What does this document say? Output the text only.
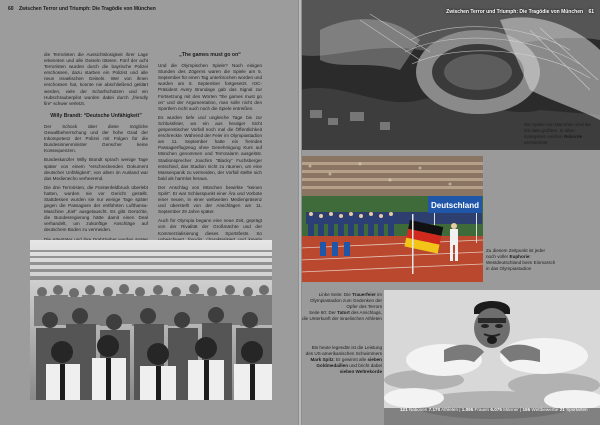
60 Zwischen Terror und Triumph: Die Tragödie von München

die Terroristen die Aussichtslosigkeit ihrer Lage erkennten und alle Geiseln töteten. Fünf der acht Terroristen wurden durch die bayrische Polizei erschossen, dazu starben ein Polizist und alle neun israelischen Geiseln. Wer von ihnen erschossen hat, konnte nie abschließend geklärt werden, viele der Scharfschützen und ein Hubschrauberpilot wurden dabei durch „friendly fire“ schwer verletzt.

Willy Brandt: “Deutsche Unfähigkeit”

Der Schock über diese mögliche Gewaltbeherrschung und der hohe Grad der Inkompetenz der Polizei mit Folgen für die Bundesinnenminister Genscher keine Konsequenzen.

Bundeskanzler Willy Brandt sprach wenige Tage später von einem “erschreckenden Dokument deutscher Unfähigkeit”, von allem im Ausland war das Medienecho verheerend.

Die drei Terroristen, die Fürstenfeldbruck überlebt hatten, wurden nie vor Gericht gestellt. Stattdessen wurden sie nur wenige Tage später gegen die Passagiere der entführten Lufthansa-Maschine „Kiel“ ausgetauscht. Es gibt Gerüchte, die Bundesregierung hätte damit einen Deal verhandelt, um zukünftige Anschläge auf deutschem Boden zu vermeiden.

„The games must go on“

Und die Olympischen Spiele? Nach einigen Stunden des Zögerns waren die Spiele am 5. September für einen Tag unterbrochen worden und wurden am 6. September fortgesetzt. IOC-Präsident Avery Brundage gab das Signal zur Fortsetzung mit den Worten “the games must go on” und der Argumentation, man solle nicht den Sportlern nicht auch noch die Spiele entreißen.

Es wurden tiefe und ungleiche Tage bis zur Schlussfeier, wo ein aus heutiger Sicht gespenstischer Vorfall noch mal die Öffentlichkeit erschreckte. Während der Feier im Olympiastadion am 11. September hatte ein fremdes Passagierflugzeug ohne Genehmigung Kurs auf München genommen und Terroralarm ausgelöst. Stadionsprecher Joachim “Blacky” Fuchsberger entschied, das Stadion nicht zu räumen, um eine Massenpanik zu vermeiden, der Vorfall stellte sich bald als harmlos heraus.

Der Anschlag von München bewirkte “keinen Spirit”. Er war Schlusspunkt einer Ära und Vorbote einer neuen, in einer weltweiten Medienpräsenz und überstellt von der Anschlägen am 11. September 29 Jahre später.

Auch für Olympia begann eine neue Zeit, geprägt von der Rivalität der Großmächte und der Kommerzialisierung dieses Sportsfests. So

Zwischen Terror und Triumph: Die Tragödie von München 61
Die Spiele von München sind die bis dato größten. In allen Kategorien werden Rekorde verzeichnet
Deutschland
Zu diesem Zeitpunkt ist jeder noch voller Euphorie: Westdeutschland beim Einmarsch in das Olympiastadion
Linke Seite: Die Trauerfeier im Olympiastadion zum Gedenken der Opfer des Terrors
Seite 60: Der Tatort des Anschlags, die Unterkunft der israelischen Athleten
Bis heute legendär ist die Leistung des US-amerikanischen Schwimmers Mark Spitz: Er gewinnt alle sieben Goldmedaillen und bricht dabei sieben Weltrekorde
121 Nationen 7.170 Athleten | 1.095 Frauen 6.075 Männer | 195 Wettbewerbe 21 Sportarten
